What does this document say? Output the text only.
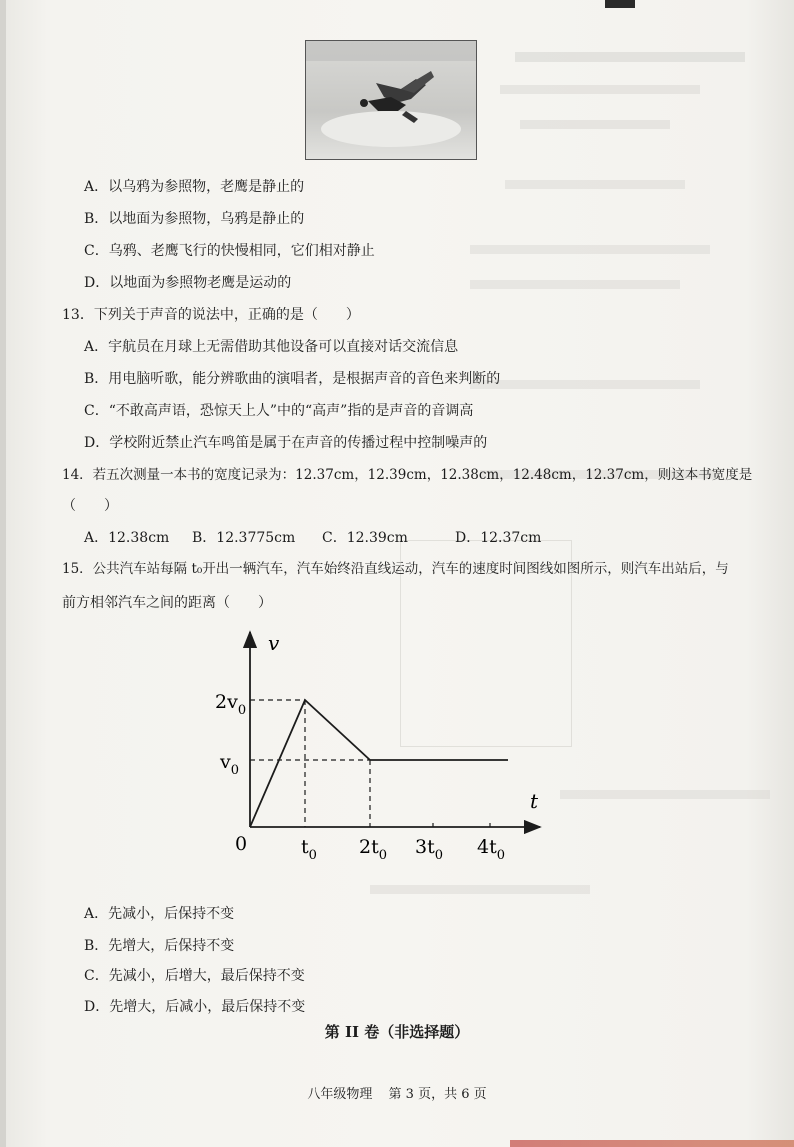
A．以乌鸦为参照物，老鹰是静止的
B．以地面为参照物，乌鸦是静止的
C．乌鸦、老鹰飞行的快慢相同，它们相对静止
D．以地面为参照物老鹰是运动的
13．下列关于声音的说法中，正确的是（　　）
A．宇航员在月球上无需借助其他设备可以直接对话交流信息
B．用电脑听歌，能分辨歌曲的演唱者，是根据声音的音色来判断的
C．“不敢高声语，恐惊天上人”中的“高声”指的是声音的音调高
D．学校附近禁止汽车鸣笛是属于在声音的传播过程中控制噪声的
14．若五次测量一本书的宽度记录为：12.37cm，12.39cm，12.38cm，12.48cm，12.37cm，则这本书宽度是
（　　）
A．12.38cm B．12.3775cm C．12.39cm	D．12.37cm
15．公共汽车站每隔 t₀开出一辆汽车，汽车始终沿直线运动，汽车的速度时间图线如图所示，则汽车出站后，与
前方相邻汽车之间的距离（　　）
v
t
0
$2v_0$
$v_0$
$t_0$ $2t_0$ $3t_0$ $4t_0$
A．先减小，后保持不变
B．先增大，后保持不变
C．先减小，后增大，最后保持不变
D．先增大，后减小，最后保持不变
第 II 卷（非选择题）
八年级物理 第 3 页，共 6 页
